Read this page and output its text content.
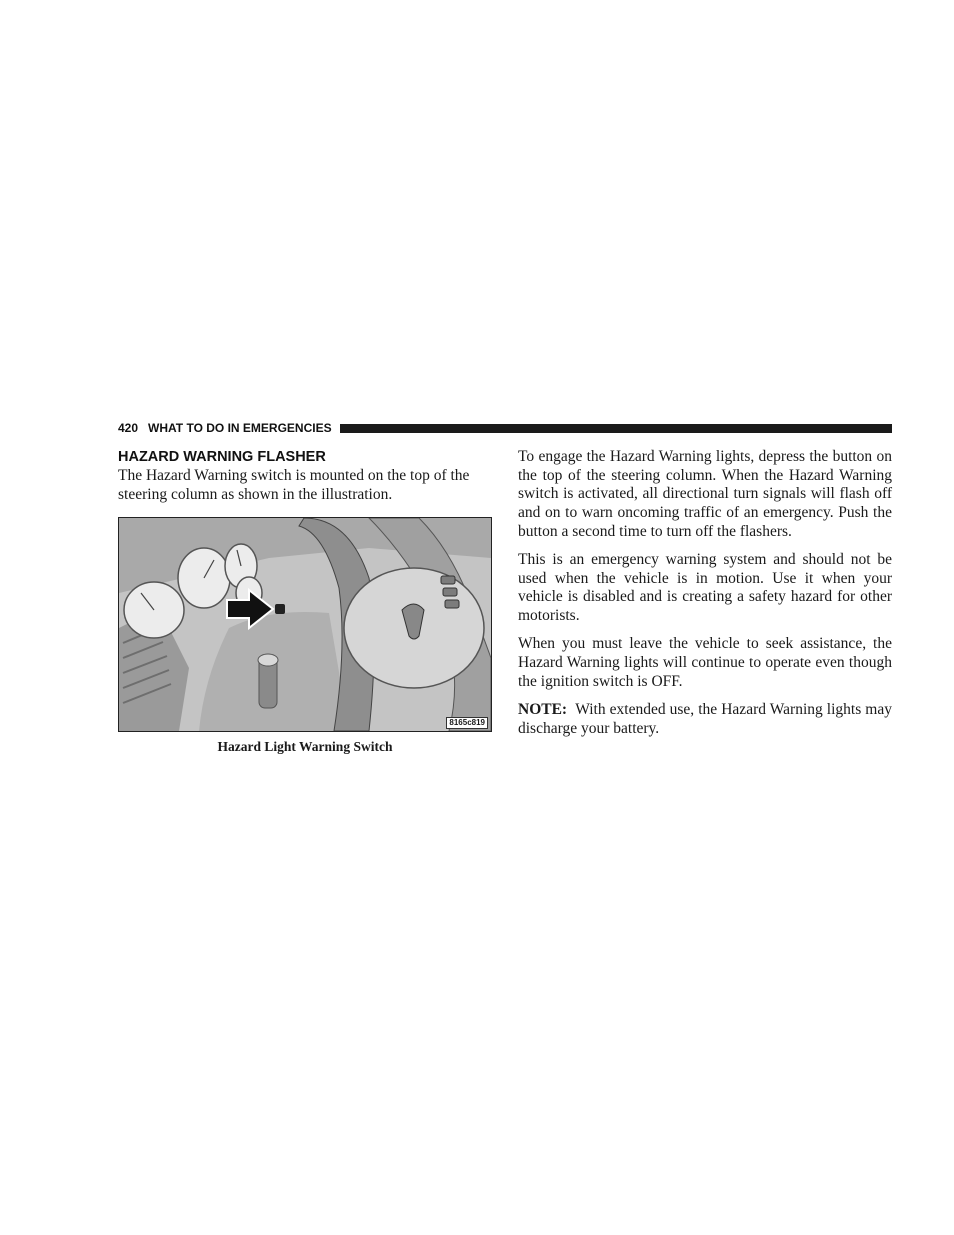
420 WHAT TO DO IN EMERGENCIES
HAZARD WARNING FLASHER

The Hazard Warning switch is mounted on the top of the steering column as shown in the illustration.

8165c819
Hazard Light Warning Switch

To engage the Hazard Warning lights, depress the button on the top of the steering column. When the Hazard Warning switch is activated, all directional turn signals will flash off and on to warn oncoming traffic of an emergency. Push the button a second time to turn off the flashers.

This is an emergency warning system and should not be used when the vehicle is in motion. Use it when your vehicle is disabled and is creating a safety hazard for other motorists.

When you must leave the vehicle to seek assistance, the Hazard Warning lights will continue to operate even though the ignition switch is OFF.

NOTE: With extended use, the Hazard Warning lights may discharge your battery.
